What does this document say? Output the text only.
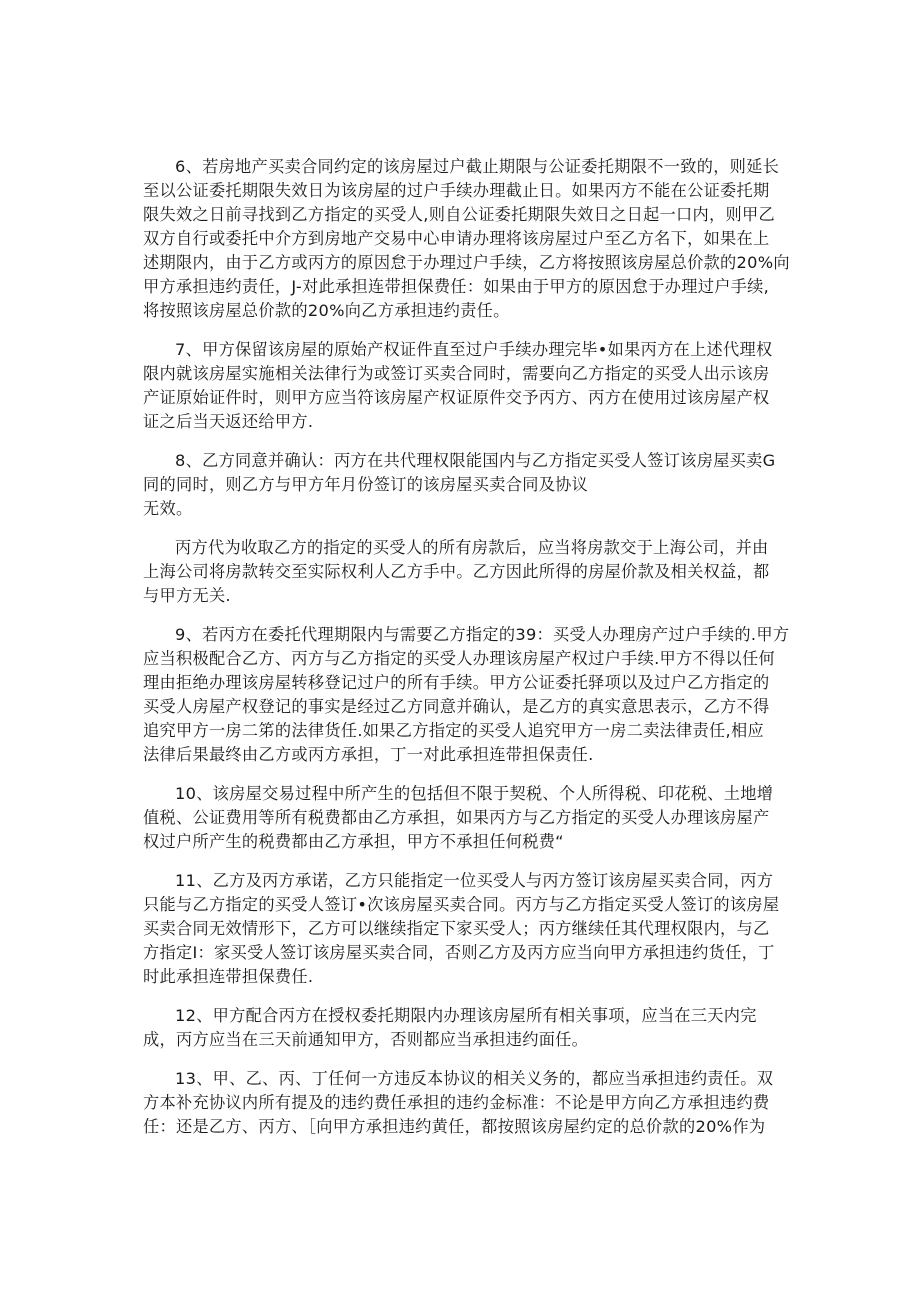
6、若房地产买卖合同约定的该房屋过户截止期限与公证委托期限不一致的，则延长
至以公证委托期限失效日为该房屋的过户手续办理截止日。如果丙方不能在公证委托期
限失效之日前寻找到乙方指定的买受人,则自公证委托期限失效日之日起一口内，则甲乙
双方自行或委托中介方到房地产交易中心申请办理将该房屋过户至乙方名下，如果在上
述期限内，由于乙方或丙方的原因怠于办理过户手续，乙方将按照该房屋总价款的20%向
甲方承担违约责任，J-对此承担连带担保费任：如果由于甲方的原因怠于办理过户手续,
将按照该房屋总价款的20%向乙方承担违约责任。
7、甲方保留该房屋的原始产权证件直至过户手续办理完毕•如果丙方在上述代理权
限内就该房屋实施相关法律行为或签订买卖合同时，需要向乙方指定的买受人出示该房
产证原始证件时，则甲方应当符该房屋产权证原件交予丙方、丙方在使用过该房屋产权
证之后当天返还给甲方.
8、乙方同意并确认：丙方在共代理权限能国内与乙方指定买受人签订该房屋买卖G
同的同时，则乙方与甲方年月份签订的该房屋买卖合同及协议
无效。
丙方代为收取乙方的指定的买受人的所有房款后，应当将房款交于上海公司，并由
上海公司将房款转交至实际权利人乙方手中。乙方因此所得的房屋价款及相关权益，都
与甲方无关.
9、若丙方在委托代理期限内与需要乙方指定的39：买受人办理房产过户手续的.甲方
应当积极配合乙方、丙方与乙方指定的买受人办理该房屋产权过户手续.甲方不得以任何
理由拒绝办理该房屋转移登记过户的所有手续。甲方公证委托驿项以及过户乙方指定的
买受人房屋产权登记的事实是经过乙方同意并确认，是乙方的真实意思表示，乙方不得
追究甲方一房二笫的法律货任.如果乙方指定的买受人追究甲方一房二卖法律责任,相应
法律后果最终由乙方或丙方承担，丁一对此承担连带担保责任.
10、该房屋交易过程中所产生的包括但不限于契税、个人所得税、印花税、土地增
值税、公证费用等所有税费都由乙方承担，如果丙方与乙方指定的买受人办理该房屋产
权过户所产生的税费都由乙方承担，甲方不承担任何税费“
11、乙方及丙方承诺，乙方只能指定一位买受人与丙方签订该房屋买卖合同，丙方
只能与乙方指定的买受人签订•次该房屋买卖合同。丙方与乙方指定买受人签订的该房屋
买卖合同无效情形下，乙方可以继续指定下家买受人；丙方继续任其代理权限内，与乙
方指定I：家买受人签订该房屋买卖合同，否则乙方及丙方应当向甲方承担违约货任，丁
时此承担连带担保费任.
12、甲方配合丙方在授权委托期限内办理该房屋所有相关事项，应当在三天内完
成，丙方应当在三天前通知甲方，否则都应当承担违约面任。
13、甲、乙、丙、丁任何一方违反本协议的相关义务的，都应当承担违约责任。双
方本补充协议内所有提及的违约费任承担的违约金标准：不论是甲方向乙方承担违约费
任：还是乙方、丙方、［向甲方承担违约黄任，都按照该房屋约定的总价款的20%作为
